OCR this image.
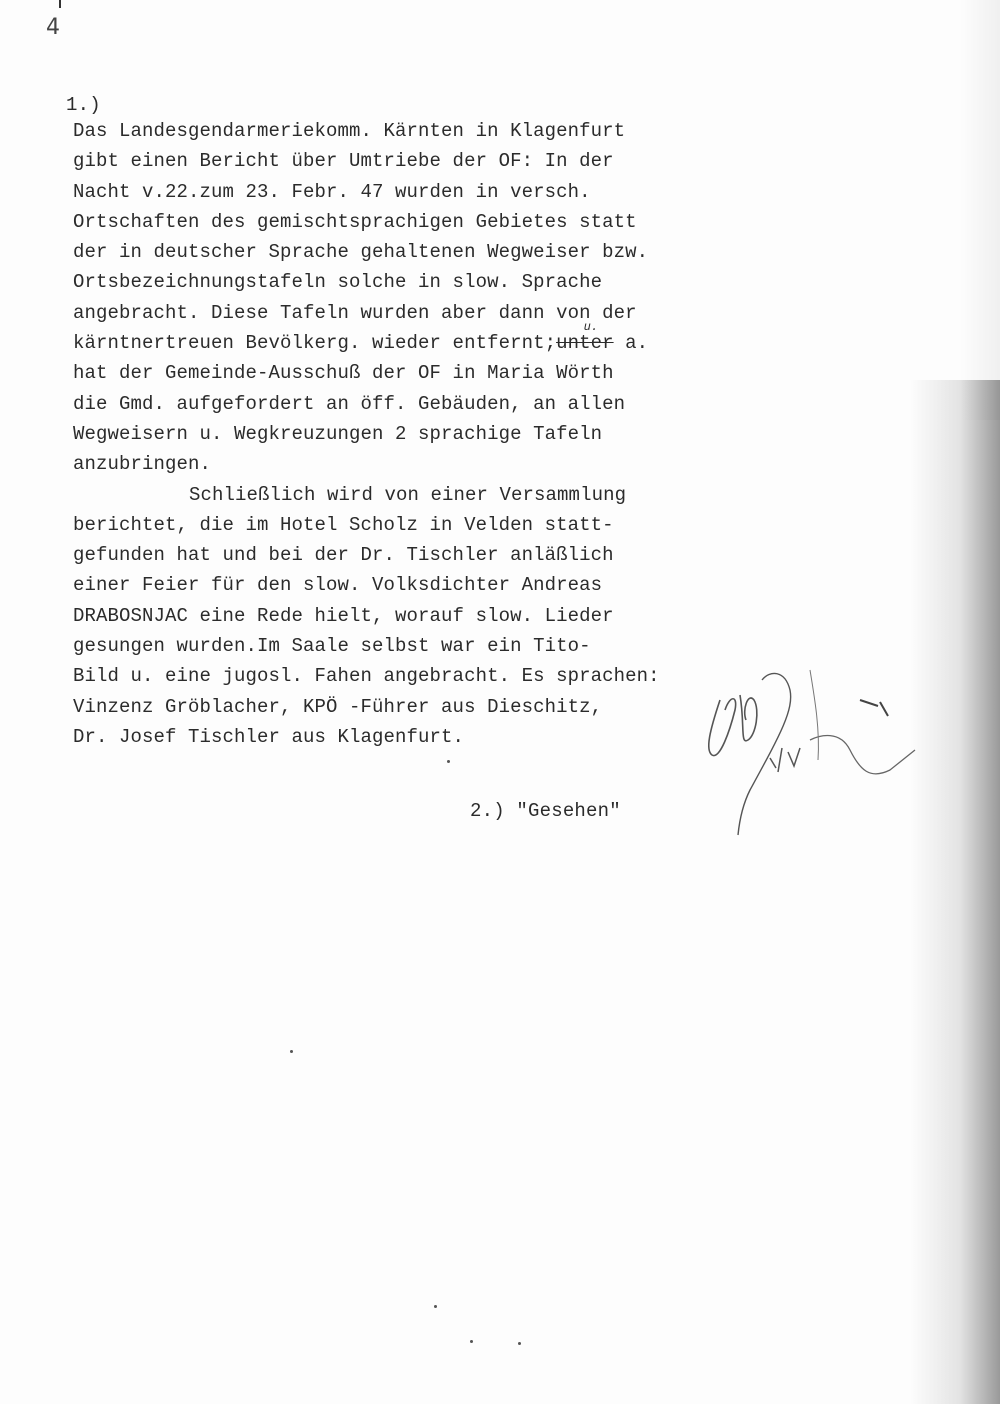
4
1.)
Das Landesgendarmeriekomm. Kärnten in Klagenfurt
gibt einen Bericht über Umtriebe der OF: In der
Nacht v.22.zum 23. Febr. 47 wurden in versch.
Ortschaften des gemischtsprachigen Gebietes statt
der in deutscher Sprache gehaltenen Wegweiser bzw.
Ortsbezeichnungstafeln solche in slow. Sprache
angebracht. Diese Tafeln wurden aber dann von der
kärntnertreuen Bevölkerg. wieder entfernt;unter
u.
a.
hat der Gemeinde-Ausschuß der OF in Maria Wörth
die Gmd. aufgefordert an öff. Gebäuden, an allen
Wegweisern u. Wegkreuzungen 2 sprachige Tafeln
anzubringen.
Schließlich wird von einer Versammlung
berichtet, die im Hotel Scholz in Velden statt-
gefunden hat und bei der Dr. Tischler anläßlich
einer Feier für den slow. Volksdichter Andreas
DRABOSNJAC eine Rede hielt, worauf slow. Lieder
gesungen wurden.Im Saale selbst war ein Tito-
Bild u. eine jugosl. Fahen angebracht. Es sprachen:
Vinzenz Gröblacher, KPÖ -Führer aus Dieschitz,
Dr. Josef Tischler aus Klagenfurt.
2.) "Gesehen"
